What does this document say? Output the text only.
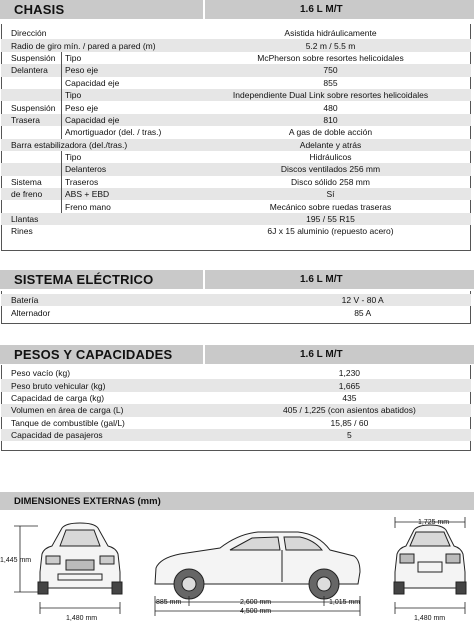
CHASIS	1.6 L M/T
Dirección		Asistida hidráulicamente
Radio de giro mín. / pared a pared (m)		5.2 m / 5.5 m
Suspensión	Tipo	McPherson sobre resortes helicoidales
Delantera	Peso eje	750
	Capacidad eje	855
	Tipo	Independiente Dual Link sobre resortes helicoidales
Suspensión	Peso eje	480
Trasera	Capacidad eje	810
	Amortiguador (del. / tras.)	A gas de doble acción
Barra estabilizadora (del./tras.)		Adelante y atrás
	Tipo	Hidráulicos
	Delanteros	Discos ventilados 256 mm
Sistema	Traseros	Disco sólido 258 mm
de freno	ABS + EBD	Sí
	Freno mano	Mecánico sobre ruedas traseras
Llantas		195 / 55 R15
Rines		6J x 15 aluminio (repuesto acero)
SISTEMA ELÉCTRICO	1.6 L M/T
Batería	12 V - 80 A
Alternador	85 A
PESOS Y CAPACIDADES	1.6 L M/T
Peso vacío (kg)	1,230
Peso bruto vehicular (kg)	1,665
Capacidad de carga (kg)	435
Volumen en área de carga (L)	405 / 1,225 (con asientos abatidos)
Tanque de combustible (gal/L)	15,85 / 60
Capacidad de pasajeros	5
DIMENSIONES EXTERNAS (mm)
1,445 mm
1,480 mm
885 mm	2,600 mm	1,015 mm
4,500 mm
1,725 mm
1,480 mm
